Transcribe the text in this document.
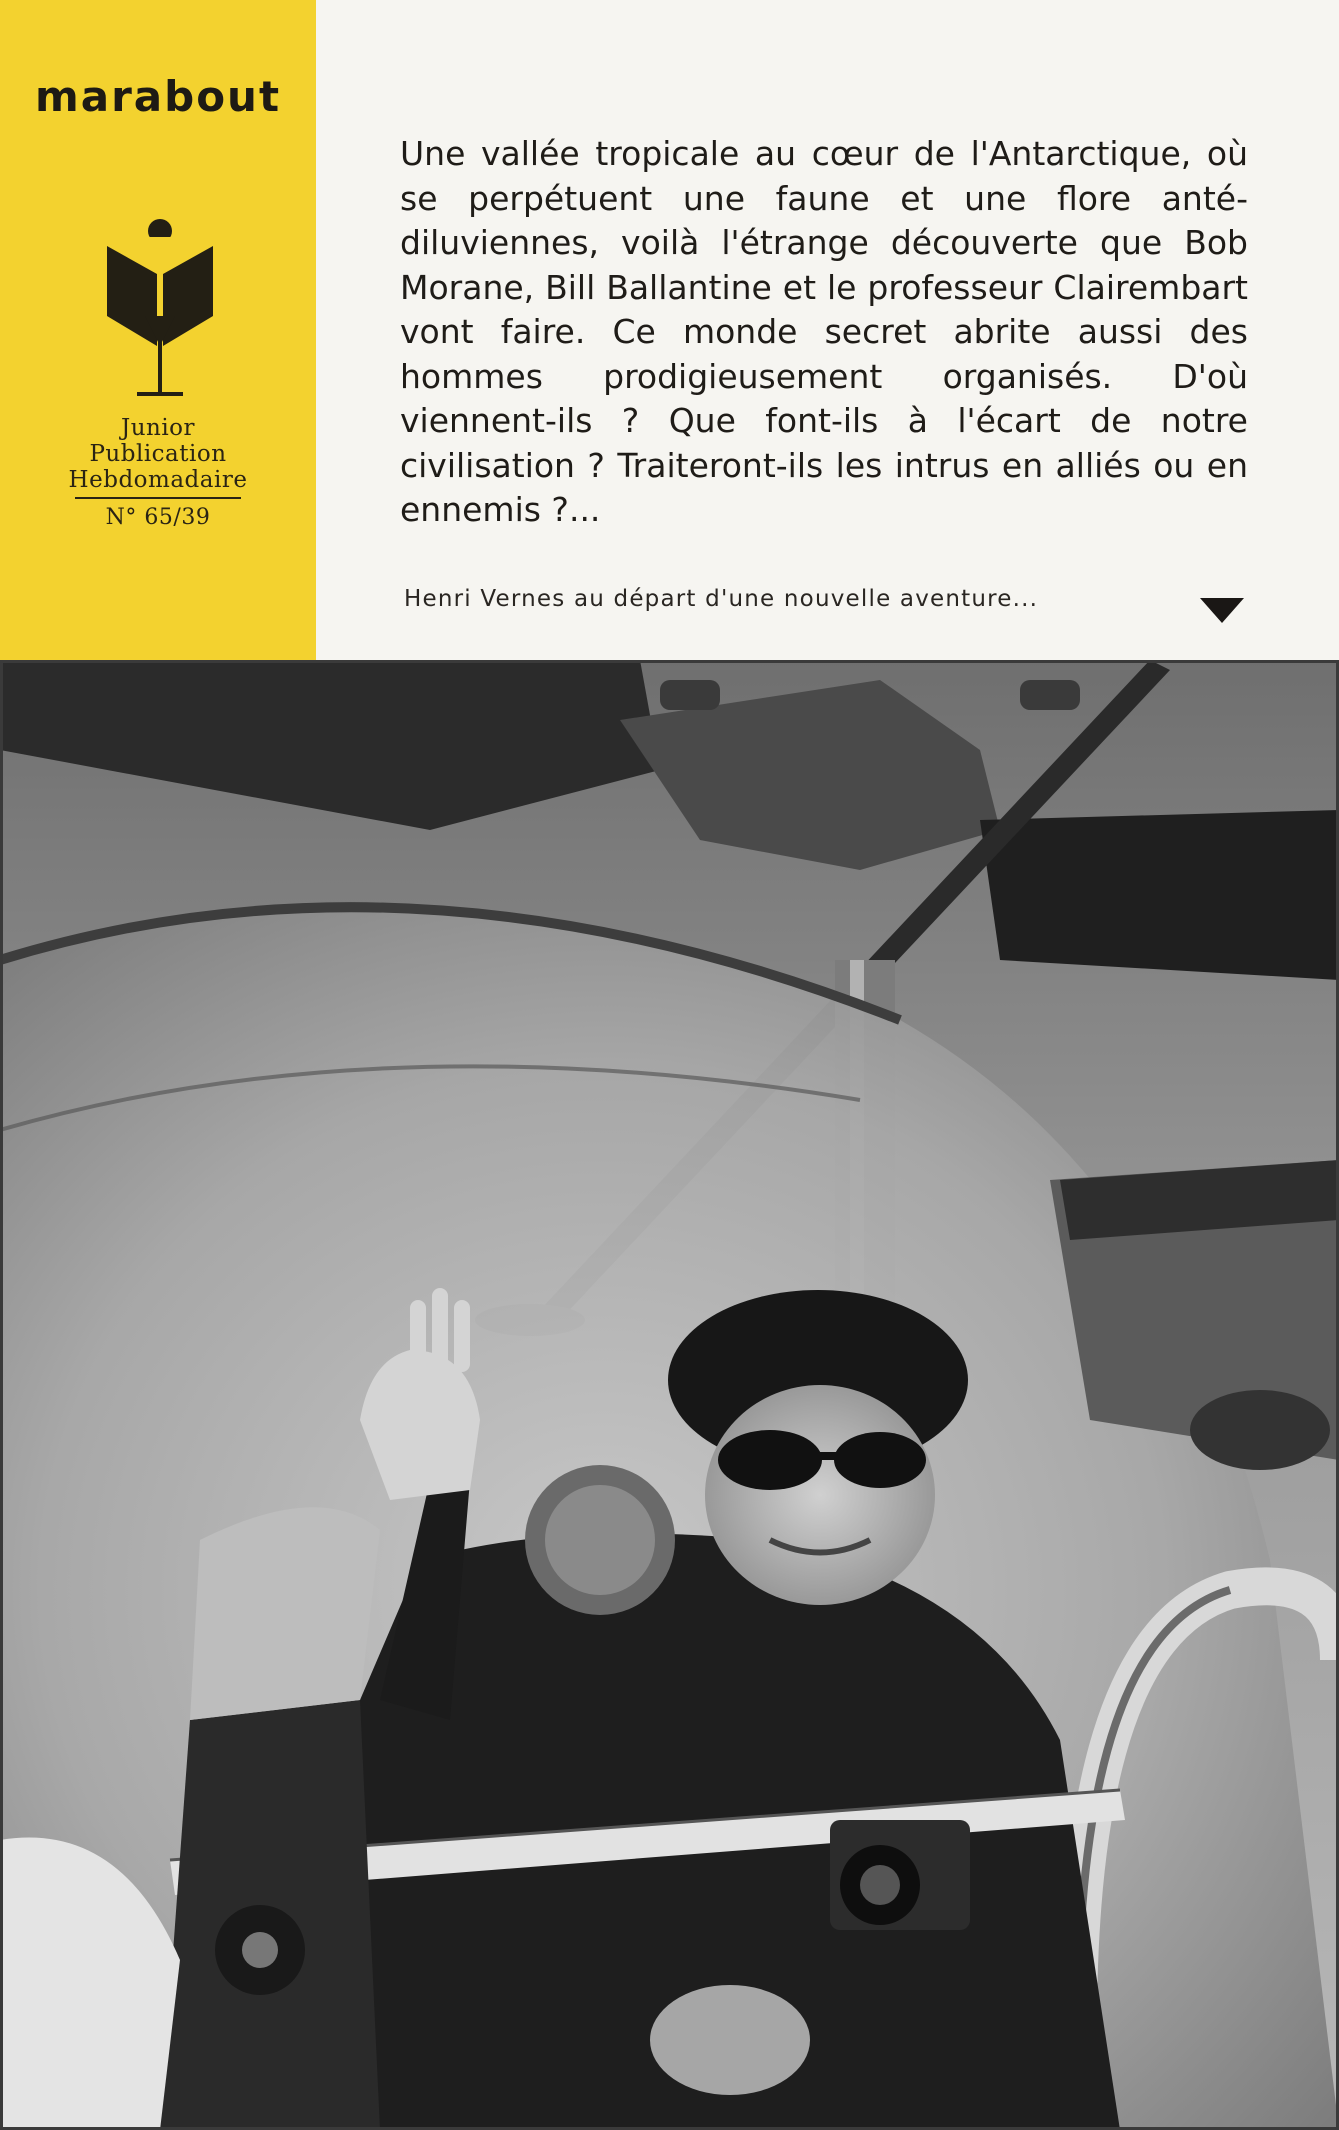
marabout
Junior
Publication
Hebdomadaire
N° 65/39
Une vallée tropicale au cœur de l'Antarctique, où se perpétuent une faune et une flore anté-diluviennes, voilà l'étrange découverte que Bob Morane, Bill Ballantine et le professeur Clairembart vont faire. Ce monde secret abrite aussi des hommes prodigieusement organisés. D'où viennent-ils ? Que font-ils à l'écart de notre civilisation ? Traiteront-ils les intrus en alliés ou en ennemis ?...
Henri Vernes au départ d'une nouvelle aventure...
